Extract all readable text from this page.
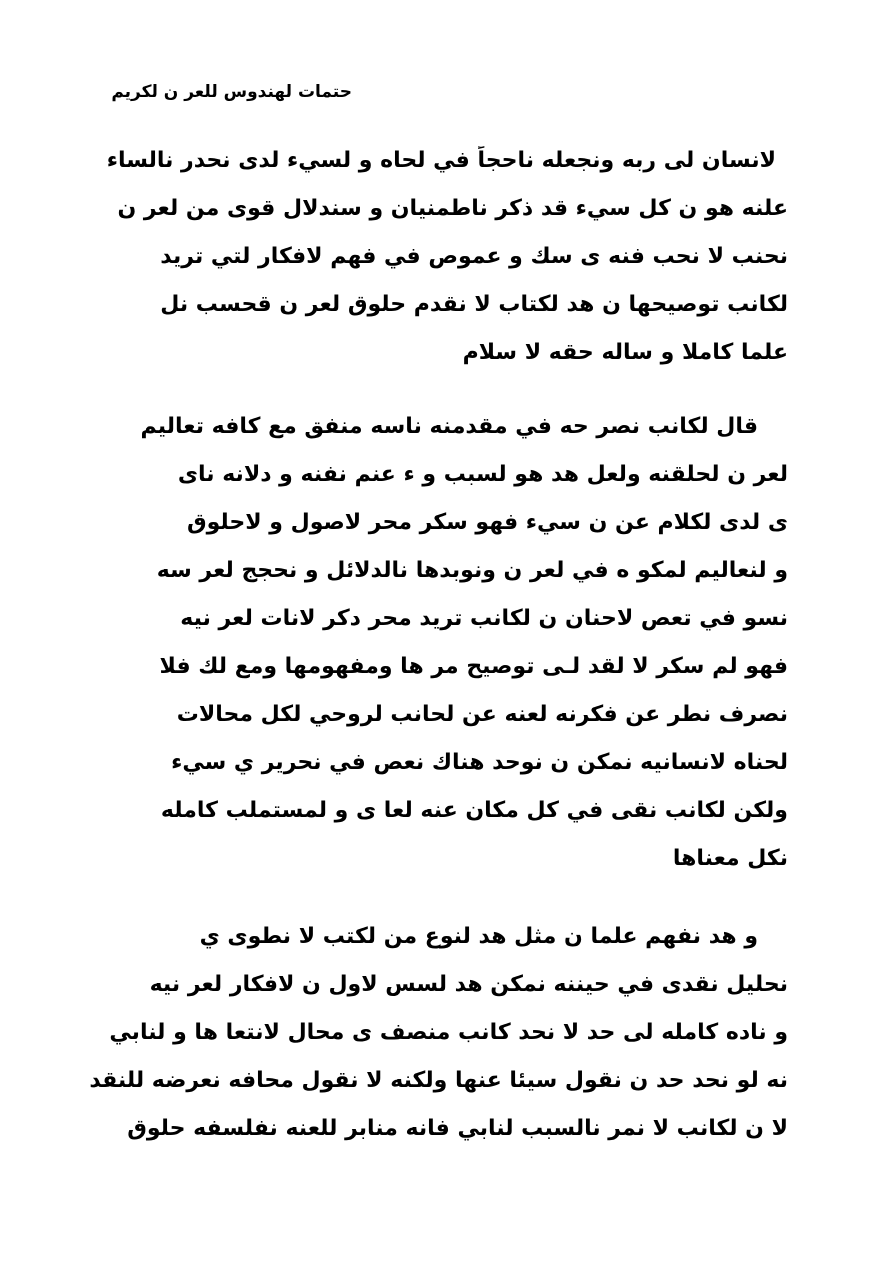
حتمات لهندوس للعر ن لكريم
لانسان لى ربه ونجعله ناحجاً في لحاه و لسيء لدى نحدر نالساء
علنه هو ن كل سيء قد ذكر ناطمنيان و سندلال قوى من لعر ن
نحنب لا نحب فنه ى سك و عموص في فهم لافكار لتي تريد
لكانب توصيحها ن هد لكتاب لا نقدم حلوق لعر ن قحسب نل
علما كاملا و ساله حقه لا سلام
قال لكانب نصر حه في مقدمنه ناسه منفق مع كافه تعاليم
لعر ن لحلقنه ولعل هد هو لسبب و ء عنم نفنه و دلانه ناى
ى لدى لكلام عن ن سيء فهو سكر محر لاصول و لاحلوق
و لنعاليم لمكو ه في لعر ن ونوبدها نالدلائل و نحجج لعر سه
نسو في تعص لاحنان ن لكانب تريد محر دكر لانات لعر نيه
فهو لم سكر لا لقد لـى توصيح مر ها ومفهومها ومع لك فلا
نصرف نطر عن فكرنه لعنه عن لحانب لروحي لكل محالات
لحناه لانسانيه نمكن ن نوحد هناك نعص في نحرير ي سيء
ولكن لكانب نقى في كل مكان عنه لعا ى و لمستملب كامله
نكل معناها
و هد نفهم علما ن مثل هد لنوع من لكتب لا نطوى ي
نحليل نقدى في حيننه نمكن هد لسس لاول ن لافكار لعر نيه
و ناده كامله لى حد لا نحد كانب منصف ى محال لانتعا ها و لنابي
نه لو نحد حد ن نقول سيئا عنها ولكنه لا نقول محافه نعرضه للنقد
لا ن لكانب لا نمر نالسبب لنابي فانه منابر للعنه نفلسفه حلوق
